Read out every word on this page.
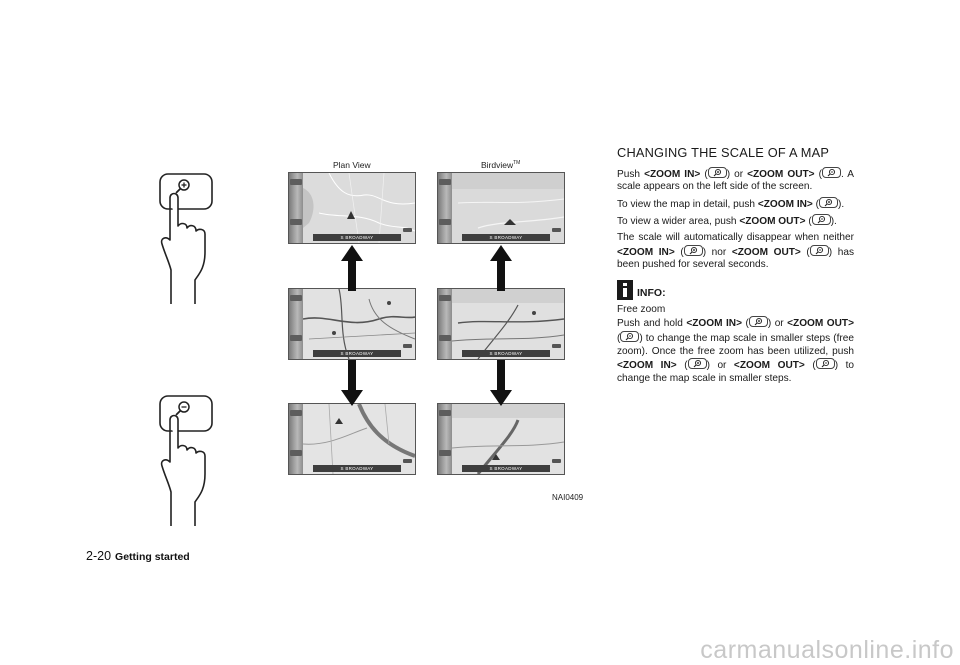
Plan View	Birdview™
S BROADWAY	S BROADWAY
S BROADWAY	S BROADWAY
S BROADWAY	S BROADWAY
NAI0409
CHANGING THE SCALE OF A MAP

Push <ZOOM IN> ( ) or <ZOOM OUT> ( . A scale appears on the left side of the screen.

To view the map in detail, push <ZOOM IN> ( ).

To view a wider area, push <ZOOM OUT> ( ).

The scale will automatically disappear when neither <ZOOM IN> ( ) nor <ZOOM OUT> ( ) has been pushed for several seconds.

INFO:

Free zoom

Push and hold <ZOOM IN> ( ) or <ZOOM OUT> ( ) to change the map scale in smaller steps (free zoom). Once the free zoom has been utilized, push <ZOOM IN> ( ) or <ZOOM OUT> ( ) to change the map scale in smaller steps.

2-20 Getting started
carmanualsonline.info
